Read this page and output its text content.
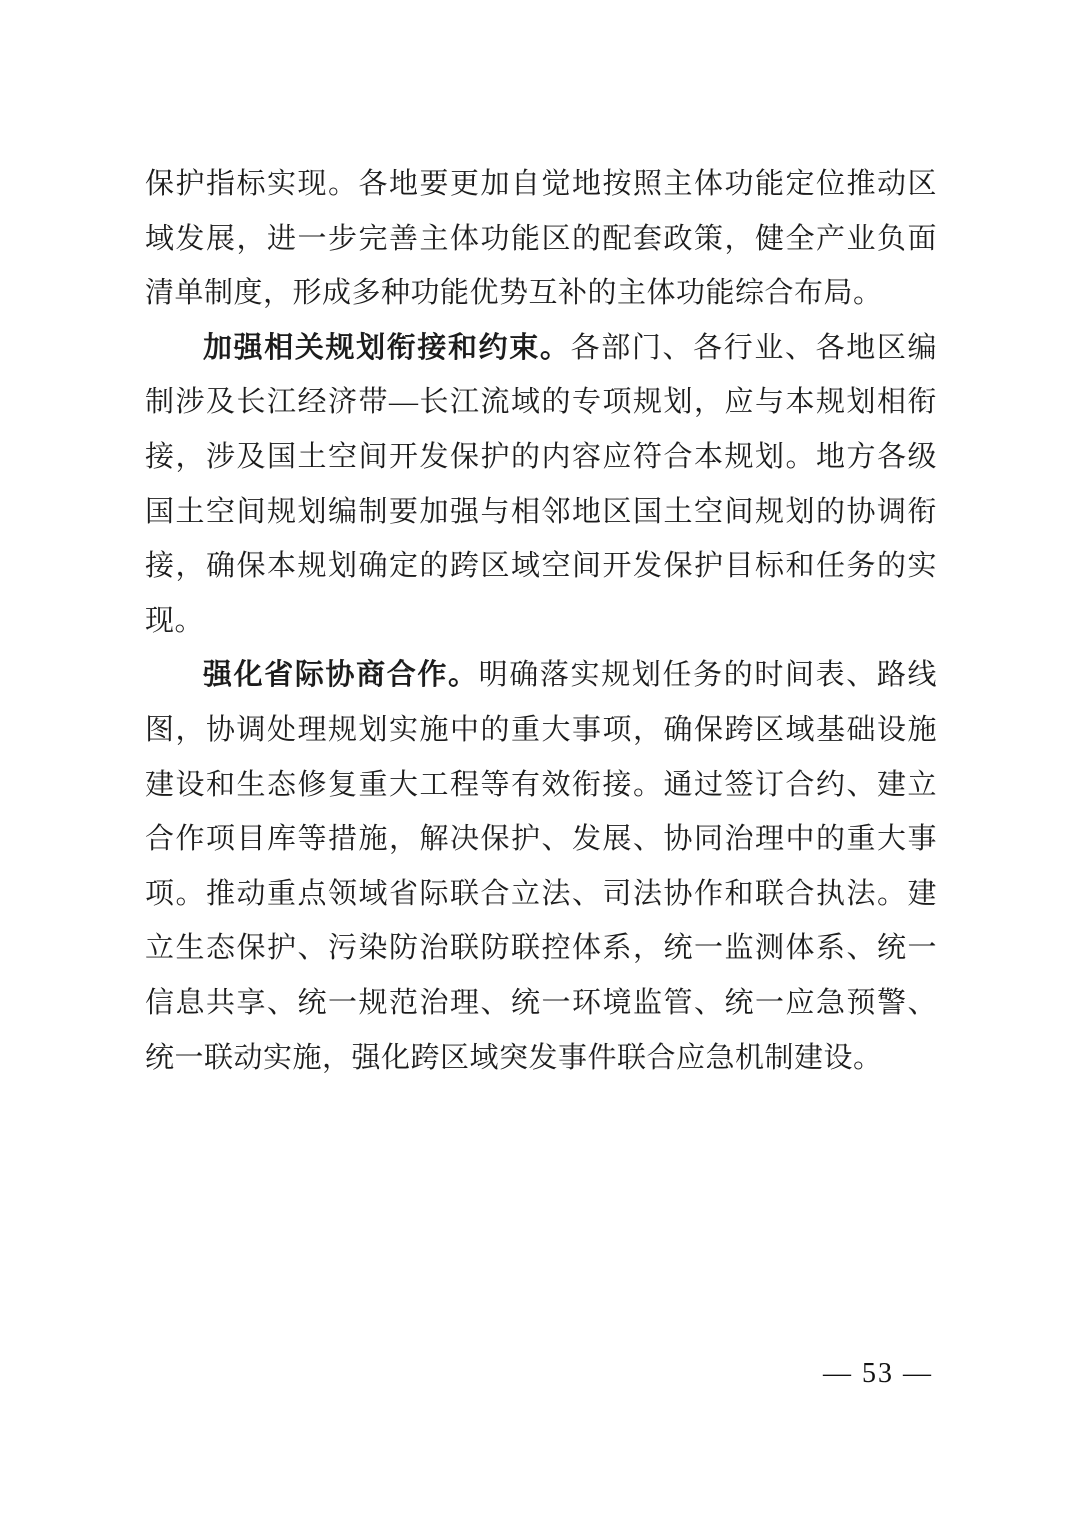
保护指标实现。各地要更加自觉地按照主体功能定位推动区域发展，进一步完善主体功能区的配套政策，健全产业负面清单制度，形成多种功能优势互补的主体功能综合布局。

加强相关规划衔接和约束。各部门、各行业、各地区编制涉及长江经济带—长江流域的专项规划，应与本规划相衔接，涉及国土空间开发保护的内容应符合本规划。地方各级国土空间规划编制要加强与相邻地区国土空间规划的协调衔接，确保本规划确定的跨区域空间开发保护目标和任务的实现。

强化省际协商合作。明确落实规划任务的时间表、路线图，协调处理规划实施中的重大事项，确保跨区域基础设施建设和生态修复重大工程等有效衔接。通过签订合约、建立合作项目库等措施，解决保护、发展、协同治理中的重大事项。推动重点领域省际联合立法、司法协作和联合执法。建立生态保护、污染防治联防联控体系，统一监测体系、统一信息共享、统一规范治理、统一环境监管、统一应急预警、统一联动实施，强化跨区域突发事件联合应急机制建设。

— 53 —
